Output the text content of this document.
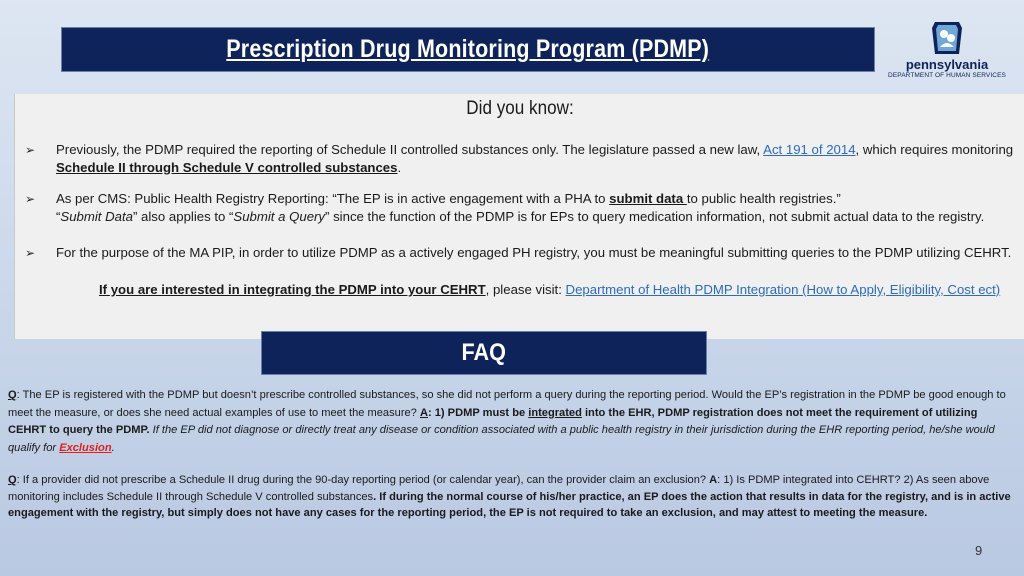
Prescription Drug Monitoring Program (PDMP)
pennsylvania
DEPARTMENT OF HUMAN SERVICES
Did you know:
➢	Previously, the PDMP required the reporting of Schedule II controlled substances only. The legislature passed a new law, Act 191 of 2014, which requires monitoring Schedule II through Schedule V controlled substances.
➢	As per CMS: Public Health Registry Reporting: “The EP is in active engagement with a PHA to submit data to public health registries.”
“Submit Data” also applies to “Submit a Query” since the function of the PDMP is for EPs to query medication information, not submit actual data to the registry.
➢	For the purpose of the MA PIP, in order to utilize PDMP as a actively engaged PH registry, you must be meaningful submitting queries to the PDMP utilizing CEHRT.
If you are interested in integrating the PDMP into your CEHRT, please visit: Department of Health PDMP Integration (How to Apply, Eligibility, Cost ect)
FAQ
Q: The EP is registered with the PDMP but doesn’t prescribe controlled substances, so she did not perform a query during the reporting period. Would the EP’s registration in the PDMP be good enough to meet the measure, or does she need actual examples of use to meet the measure? A: 1) PDMP must be integrated into the EHR, PDMP registration does not meet the requirement of utilizing CEHRT to query the PDMP. If the EP did not diagnose or directly treat any disease or condition associated with a public health registry in their jurisdiction during the EHR reporting period, he/she would qualify for Exclusion.
Q: If a provider did not prescribe a Schedule II drug during the 90-day reporting period (or calendar year), can the provider claim an exclusion? A: 1) Is PDMP integrated into CEHRT? 2) As seen above monitoring includes Schedule II through Schedule V controlled substances. If during the normal course of his/her practice, an EP does the action that results in data for the registry, and is in active engagement with the registry, but simply does not have any cases for the reporting period, the EP is not required to take an exclusion, and may attest to meeting the measure.
9
